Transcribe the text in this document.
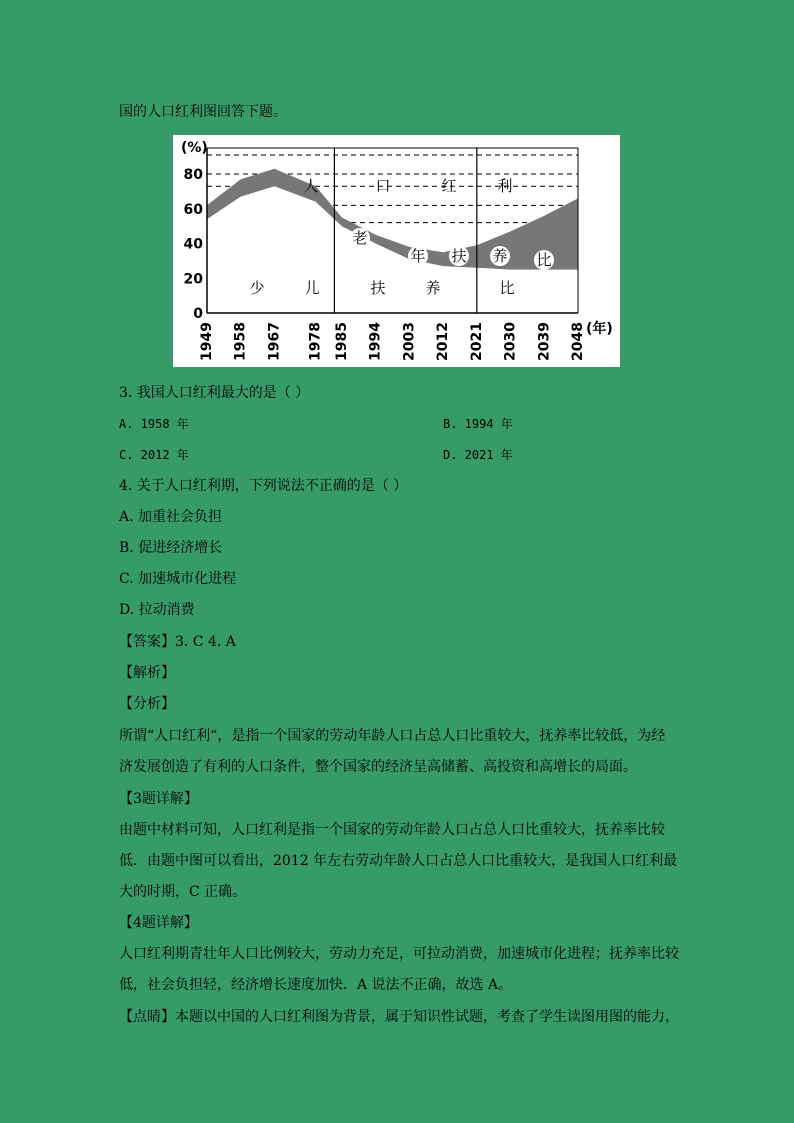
国的人口红利图回答下题。
0
20
40
60
80
(%)
1949 1958 1967 1978 1985 1994 2003 2012 2021 2030 2039 2048 (年)
人	口	红	利
老
年 扶 养 比
少	儿	扶	养	比
3. 我国人口红利最大的是（ ）
A. 1958 年	B. 1994 年
C. 2012 年	D. 2021 年
4. 关于人口红利期，下列说法不正确的是（ ）
A. 加重社会负担
B. 促进经济增长
C. 加速城市化进程
D. 拉动消费
【答案】3. C 4. A
【解析】
【分析】
所谓“人口红利“，是指一个国家的劳动年龄人口占总人口比重较大，抚养率比较低，为经
济发展创造了有利的人口条件，整个国家的经济呈高储蓄、高投资和高增长的局面。
【3题详解】
由题中材料可知，人口红利是指一个国家的劳动年龄人口占总人口比重较大，抚养率比较
低．由题中图可以看出，2012 年左右劳动年龄人口占总人口比重较大，是我国人口红利最
大的时期，C 正确。
【4题详解】
人口红利期青壮年人口比例较大，劳动力充足，可拉动消费，加速城市化进程；抚养率比较
低，社会负担轻，经济增长速度加快．A 说法不正确，故选 A。
【点睛】本题以中国的人口红利图为背景，属于知识性试题，考查了学生读图用图的能力，
